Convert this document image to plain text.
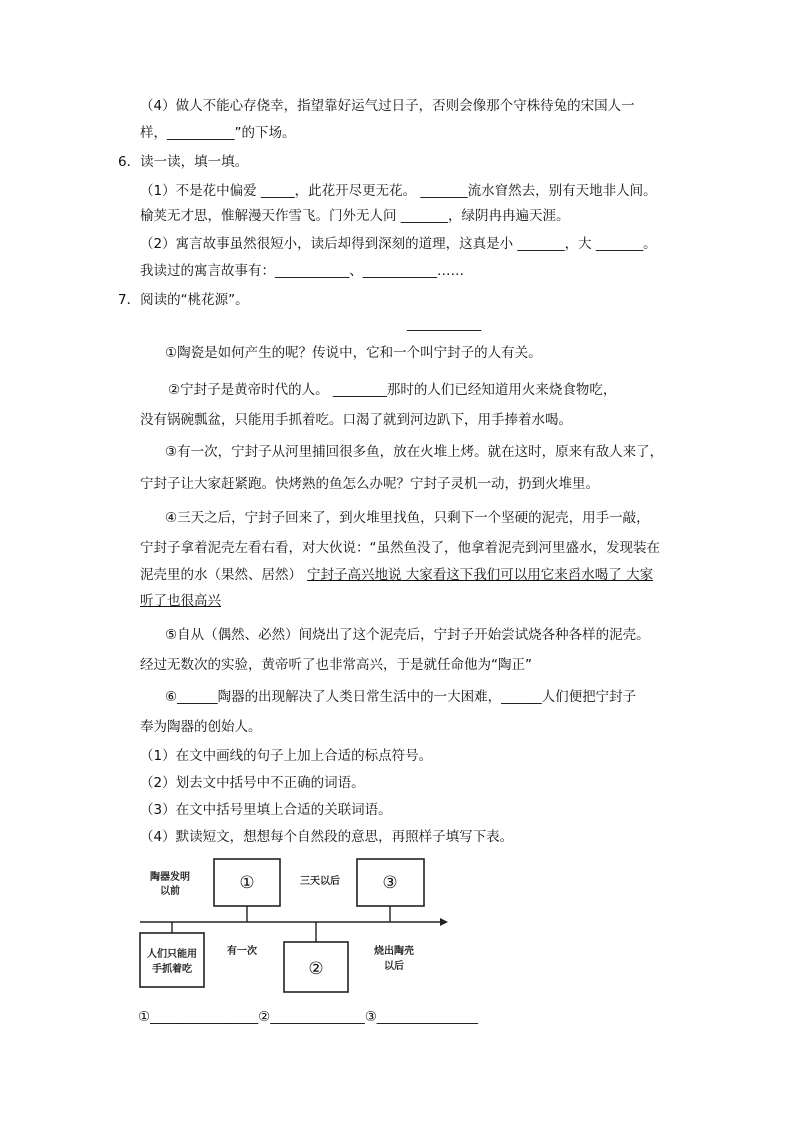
（4）做人不能心存侥幸，指望靠好运气过日子，否则会像那个守株待兔的宋国人一
样，__________”的下场。
6．读一读，填一填。
（1）不是花中偏爱 _____，此花开尽更无花。 _______流水窅然去，别有天地非人间。
榆荚无才思，惟解漫天作雪飞。门外无人问 _______，绿阴冉冉遍天涯。
（2）寓言故事虽然很短小，读后却得到深刻的道理，这真是小 _______，大 _______。
我读过的寓言故事有：___________、___________……
7．阅读的“桃花源”。
___________
①陶瓷是如何产生的呢？传说中，它和一个叫宁封子的人有关。
②宁封子是黄帝时代的人。 ________那时的人们已经知道用火来烧食物吃，
没有锅碗瓢盆，只能用手抓着吃。口渴了就到河边趴下，用手捧着水喝。
③有一次，宁封子从河里捕回很多鱼，放在火堆上烤。就在这时，原来有敌人来了，
宁封子让大家赶紧跑。快烤熟的鱼怎么办呢？宁封子灵机一动，扔到火堆里。
④三天之后，宁封子回来了，到火堆里找鱼，只剩下一个坚硬的泥壳，用手一敲，
宁封子拿着泥壳左看右看，对大伙说：“虽然鱼没了，他拿着泥壳到河里盛水，发现装在
泥壳里的水（果然、居然） 宁封子高兴地说 大家看这下我们可以用它来舀水喝了 大家
听了也很高兴
⑤自从（偶然、必然）间烧出了这个泥壳后，宁封子开始尝试烧各种各样的泥壳。
经过无数次的实验，黄帝听了也非常高兴，于是就任命他为“陶正”
⑥______陶器的出现解决了人类日常生活中的一大困难，______人们便把宁封子
奉为陶器的创始人。
（1）在文中画线的句子上加上合适的标点符号。
（2）划去文中括号中不正确的词语。
（3）在文中括号里填上合适的关联词语。
（4）默读短文，想想每个自然段的意思，再照样子填写下表。
①________________②______________③_______________
①	③
②
陶器发明
以前
三天以后
人们只能用
手抓着吃
有一次	烧出陶壳
以后
